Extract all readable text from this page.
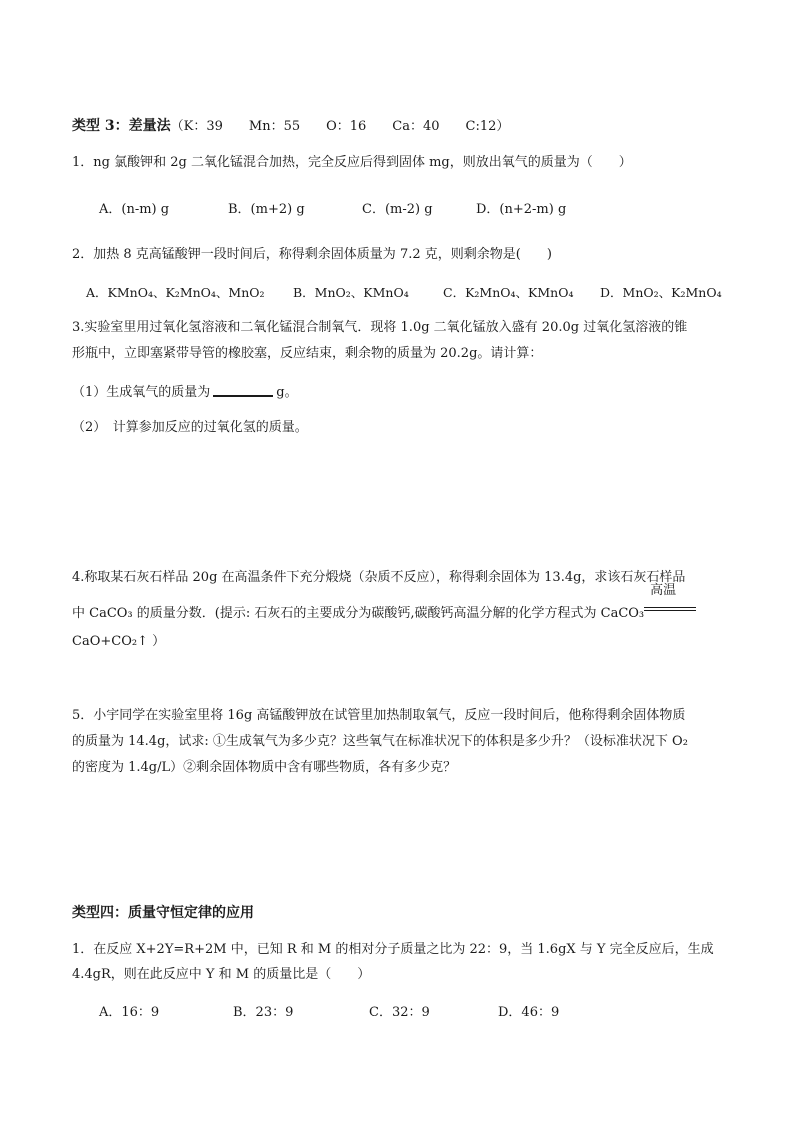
类型 3：差量法（K：39　　Mn：55　　O：16　　Ca：40　　C:12）
1．ng 氯酸钾和 2g 二氧化锰混合加热，完全反应后得到固体 mg，则放出氧气的质量为（　　）
A．(n-m) g	B．(m+2) g	C．(m-2) g	D．(n+2-m) g
2．加热 8 克高锰酸钾一段时间后，称得剩余固体质量为 7.2 克，则剩余物是(　　)
A．KMnO₄、K₂MnO₄、MnO₂ B．MnO₂、KMnO₄	C．K₂MnO₄、KMnO₄ D．MnO₂、K₂MnO₄
3.实验室里用过氧化氢溶液和二氧化锰混合制氧气．现将 1.0g 二氧化锰放入盛有 20.0g 过氧化氢溶液的锥
形瓶中，立即塞紧带导管的橡胶塞，反应结束，剩余物的质量为 20.2g。请计算：
（1）生成氧气的质量为	g。
（2）　计算参加反应的过氧化氢的质量。
4.称取某石灰石样品 20g 在高温条件下充分煅烧（杂质不反应），称得剩余固体为 13.4g，求该石灰石样品
中 CaCO₃ 的质量分数．(提示: 石灰石的主要成分为碳酸钙,碳酸钙高温分解的化学方程式为 CaCO₃
高温
CaO+CO₂↑ ）
5．小宇同学在实验室里将 16g 高锰酸钾放在试管里加热制取氧气，反应一段时间后，他称得剩余固体物质
的质量为 14.4g，试求: ①生成氧气为多少克？这些氧气在标准状况下的体积是多少升？（设标准状况下 O₂
的密度为 1.4g/L）②剩余固体物质中含有哪些物质，各有多少克？
类型四：质量守恒定律的应用
1．在反应 X+2Y=R+2M 中，已知 R 和 M 的相对分子质量之比为 22：9，当 1.6gX 与 Y 完全反应后，生成
4.4gR，则在此反应中 Y 和 M 的质量比是（　　）
A．16：9	B．23：9	C．32：9	D．46：9
